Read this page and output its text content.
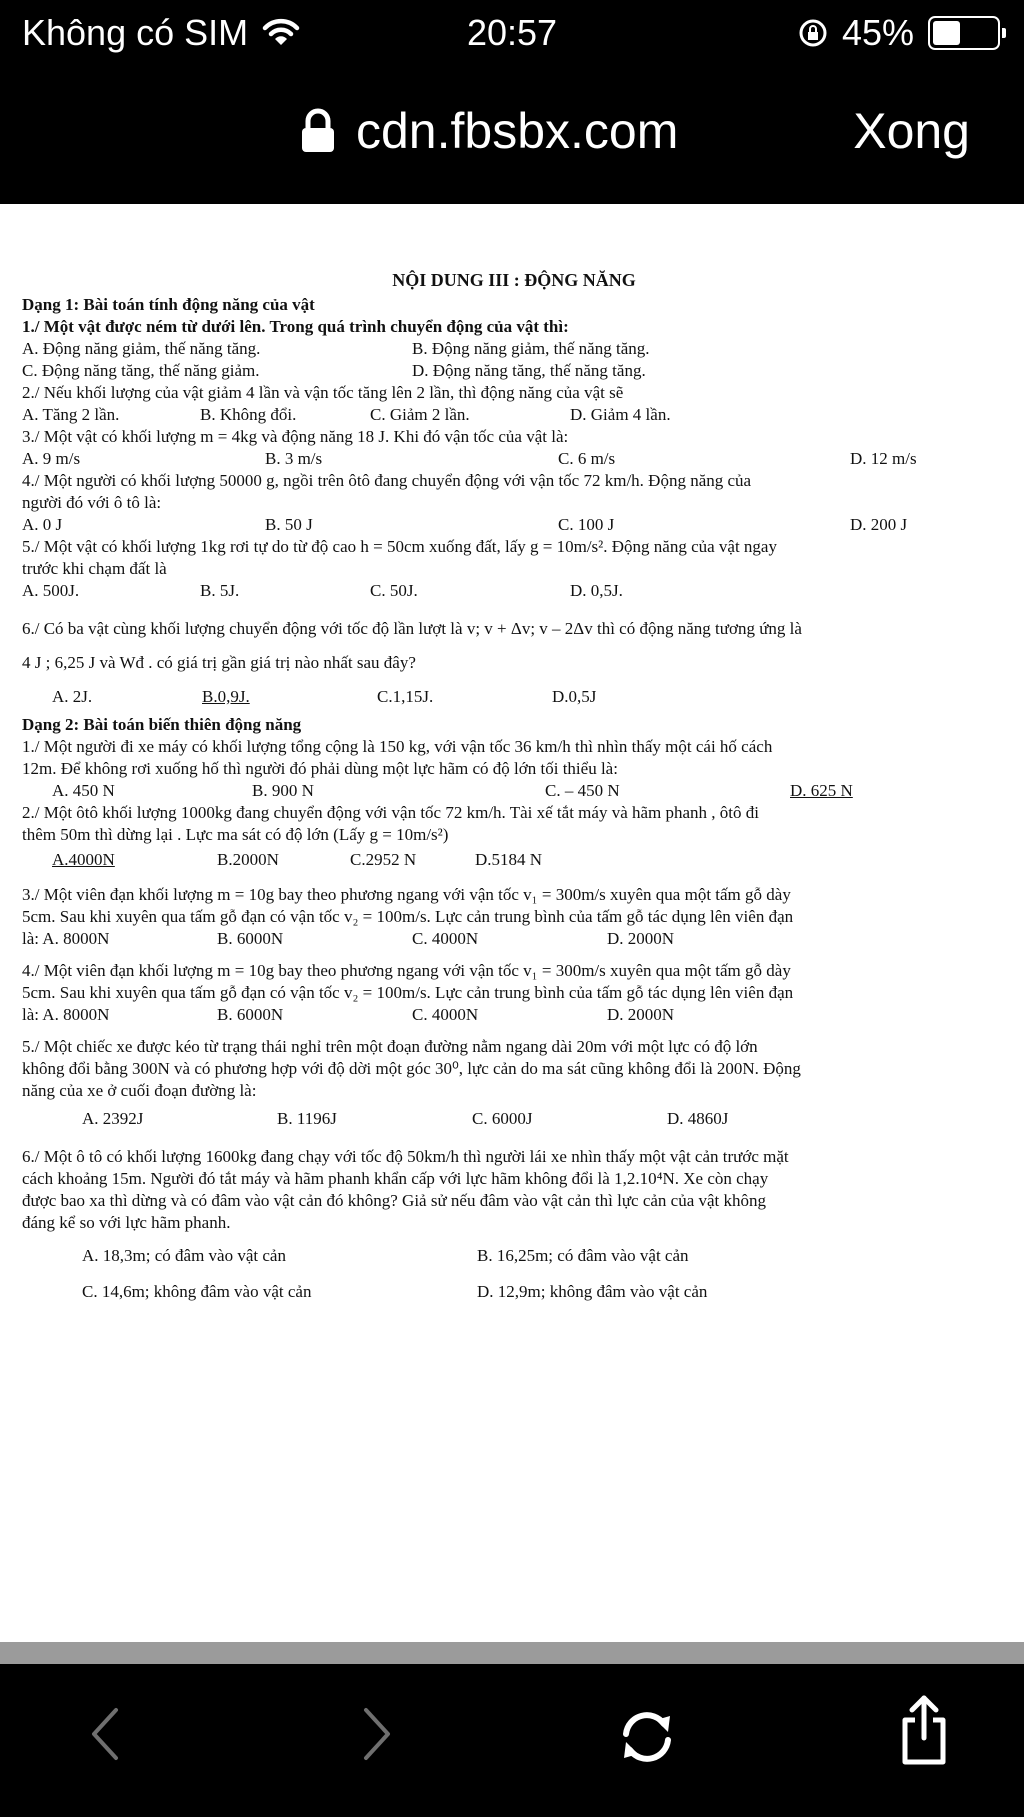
Không có SIM	20:57	45%
cdn.fbsbx.com	Xong
NỘI DUNG III : ĐỘNG NĂNG
Dạng 1: Bài toán tính động năng của vật
1./ Một vật được ném từ dưới lên. Trong quá trình chuyển động của vật thì:
A. Động năng giảm, thế năng tăng.	B. Động năng giảm, thế năng tăng.
C. Động năng tăng, thế năng giảm.	D. Động năng tăng, thế năng tăng.
2./ Nếu khối lượng của vật giảm 4 lần và vận tốc tăng lên 2 lần, thì động năng của vật sẽ
A. Tăng 2 lần.	B. Không đổi.	C. Giảm 2 lần.	D. Giảm 4 lần.
3./ Một vật có khối lượng m = 4kg và động năng 18 J. Khi đó vận tốc của vật là:
A. 9 m/s	B. 3 m/s	C. 6 m/s	D. 12 m/s
4./ Một người có khối lượng 50000 g, ngồi trên ôtô đang chuyển động với vận tốc 72 km/h. Động năng của
người đó với ô tô là:
A. 0 J	B. 50 J	C. 100 J	D. 200 J
5./ Một vật có khối lượng 1kg rơi tự do từ độ cao h = 50cm xuống đất, lấy g = 10m/s². Động năng của vật ngay
trước khi chạm đất là
A. 500J.	B. 5J.	C. 50J.	D. 0,5J.
6./ Có ba vật cùng khối lượng chuyển động với tốc độ lần lượt là v; v + Δv; v – 2Δv thì có động năng tương ứng là
4 J ; 6,25 J và Wđ . có giá trị gần giá trị nào nhất sau đây?
A. 2J.	B.0,9J.	C.1,15J.	D.0,5J
Dạng 2: Bài toán biến thiên động năng
1./ Một người đi xe máy có khối lượng tổng cộng là 150 kg, với vận tốc 36 km/h thì nhìn thấy một cái hố cách
12m. Để không rơi xuống hố thì người đó phải dùng một lực hãm có độ lớn tối thiểu là:
A. 450 N	B. 900 N	C. – 450 N	D. 625 N
2./ Một ôtô khối lượng 1000kg đang chuyển động với vận tốc 72 km/h. Tài xế tắt máy và hãm phanh , ôtô đi
thêm 50m thì dừng lại . Lực ma sát có độ lớn (Lấy g = 10m/s²)
A.4000N	B.2000N	C.2952 N	D.5184 N
3./ Một viên đạn khối lượng m = 10g bay theo phương ngang với vận tốc v₁ = 300m/s xuyên qua một tấm gỗ dày
5cm. Sau khi xuyên qua tấm gỗ đạn có vận tốc v₂ = 100m/s. Lực cản trung bình của tấm gỗ tác dụng lên viên đạn
là: A. 8000N	B. 6000N	C. 4000N	D. 2000N
4./ Một viên đạn khối lượng m = 10g bay theo phương ngang với vận tốc v₁ = 300m/s xuyên qua một tấm gỗ dày
5cm. Sau khi xuyên qua tấm gỗ đạn có vận tốc v₂ = 100m/s. Lực cản trung bình của tấm gỗ tác dụng lên viên đạn
là: A. 8000N	B. 6000N	C. 4000N	D. 2000N
5./ Một chiếc xe được kéo từ trạng thái nghỉ trên một đoạn đường nằm ngang dài 20m với một lực có độ lớn
không đổi bằng 300N và có phương hợp với độ dời một góc 30⁰, lực cản do ma sát cũng không đổi là 200N. Động
năng của xe ở cuối đoạn đường là:
A. 2392J	B. 1196J	C. 6000J	D. 4860J
6./ Một ô tô có khối lượng 1600kg đang chạy với tốc độ 50km/h thì người lái xe nhìn thấy một vật cản trước mặt
cách khoảng 15m. Người đó tắt máy và hãm phanh khẩn cấp với lực hãm không đổi là 1,2.10⁴N. Xe còn chạy
được bao xa thì dừng và có đâm vào vật cản đó không? Giả sử nếu đâm vào vật cản thì lực cản của vật không
đáng kể so với lực hãm phanh.
A. 18,3m; có đâm vào vật cản	B. 16,25m; có đâm vào vật cản
C. 14,6m; không đâm vào vật cản	D. 12,9m; không đâm vào vật cản
